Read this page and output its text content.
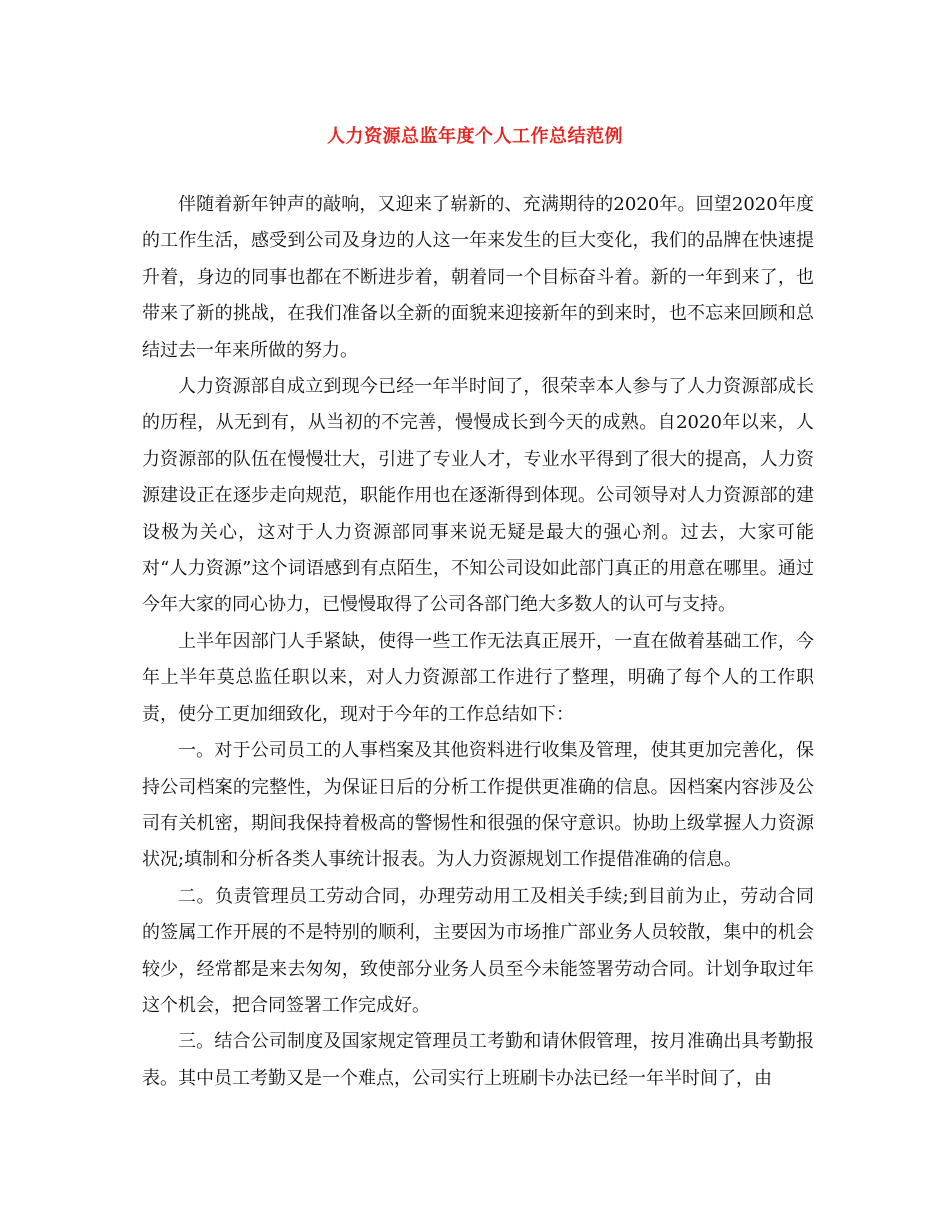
人力资源总监年度个人工作总结范例

伴随着新年钟声的敲响，又迎来了崭新的、充满期待的2020年。回望2020年度的工作生活，感受到公司及身边的人这一年来发生的巨大变化，我们的品牌在快速提升着，身边的同事也都在不断进步着，朝着同一个目标奋斗着。新的一年到来了，也带来了新的挑战，在我们准备以全新的面貌来迎接新年的到来时，也不忘来回顾和总结过去一年来所做的努力。

人力资源部自成立到现今已经一年半时间了，很荣幸本人参与了人力资源部成长的历程，从无到有，从当初的不完善，慢慢成长到今天的成熟。自2020年以来，人力资源部的队伍在慢慢壮大，引进了专业人才，专业水平得到了很大的提高，人力资源建设正在逐步走向规范，职能作用也在逐渐得到体现。公司领导对人力资源部的建设极为关心，这对于人力资源部同事来说无疑是最大的强心剂。过去，大家可能对“人力资源”这个词语感到有点陌生，不知公司设如此部门真正的用意在哪里。通过今年大家的同心协力，已慢慢取得了公司各部门绝大多数人的认可与支持。

上半年因部门人手紧缺，使得一些工作无法真正展开，一直在做着基础工作，今年上半年莫总监任职以来，对人力资源部工作进行了整理，明确了每个人的工作职责，使分工更加细致化，现对于今年的工作总结如下：

一。对于公司员工的人事档案及其他资料进行收集及管理，使其更加完善化，保持公司档案的完整性，为保证日后的分析工作提供更准确的信息。因档案内容涉及公司有关机密，期间我保持着极高的警惕性和很强的保守意识。协助上级掌握人力资源状况;填制和分析各类人事统计报表。为人力资源规划工作提借准确的信息。

二。负责管理员工劳动合同，办理劳动用工及相关手续;到目前为止，劳动合同的签属工作开展的不是特别的顺利，主要因为市场推广部业务人员较散，集中的机会较少，经常都是来去匆匆，致使部分业务人员至今未能签署劳动合同。计划争取过年这个机会，把合同签署工作完成好。

三。结合公司制度及国家规定管理员工考勤和请休假管理，按月准确出具考勤报表。其中员工考勤又是一个难点，公司实行上班刷卡办法已经一年半时间了，由
